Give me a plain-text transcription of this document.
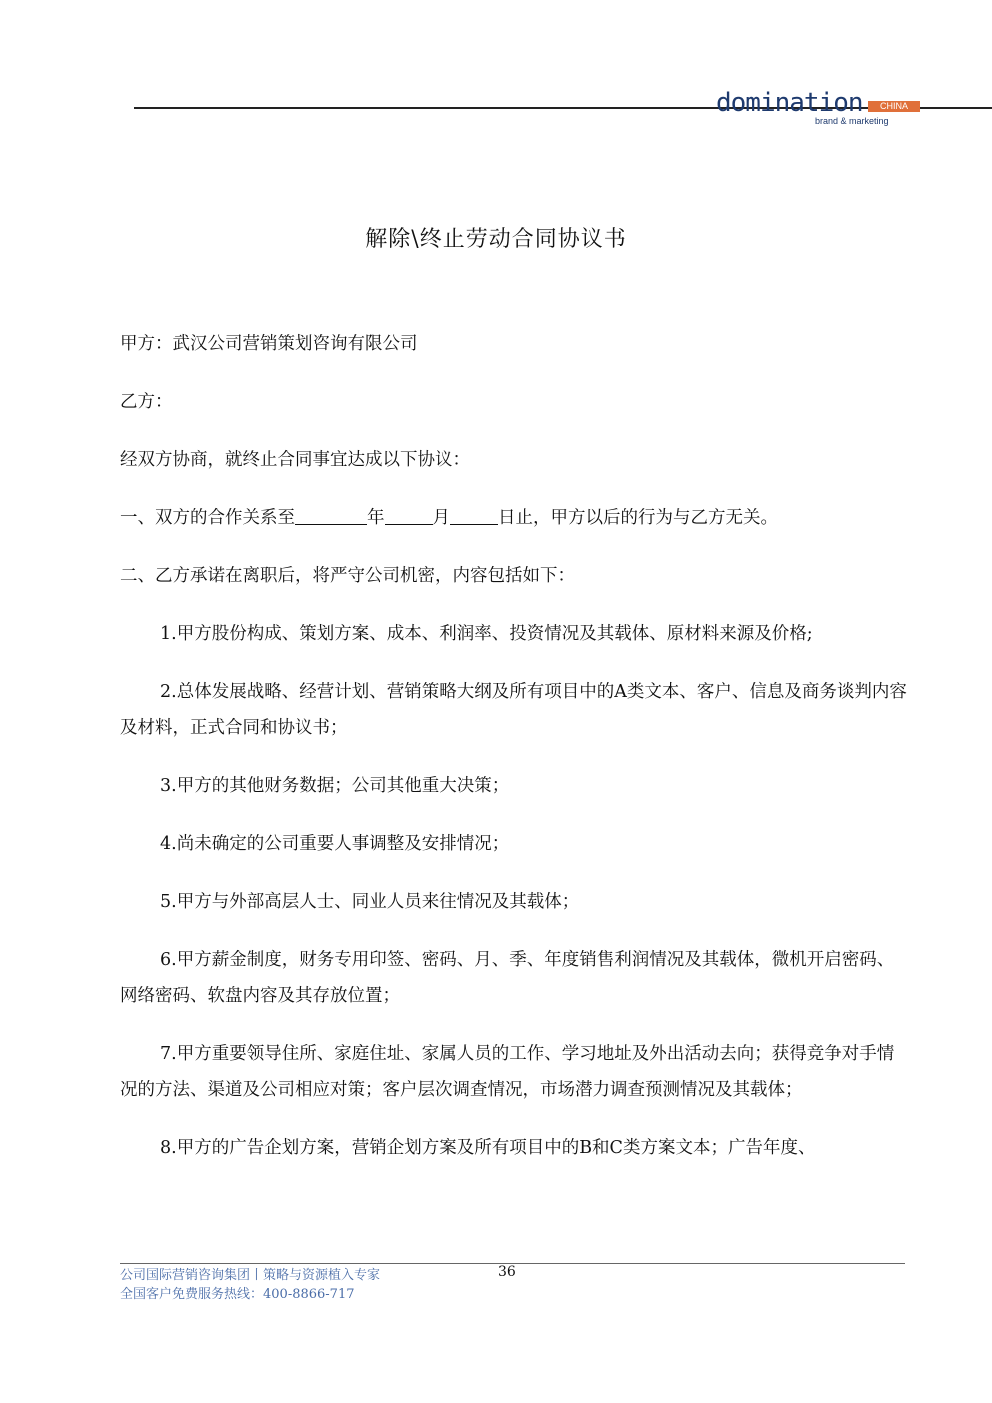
domination	CHINA
brand & marketing
解除\终止劳动合同协议书
甲方：武汉公司营销策划咨询有限公司
乙方：
经双方协商，就终止合同事宜达成以下协议：
一、双方的合作关系至	年	月	日止，甲方以后的行为与乙方无关。
二、乙方承诺在离职后，将严守公司机密，内容包括如下：
1.甲方股份构成、策划方案、成本、利润率、投资情况及其载体、原材料来源及价格;
2.总体发展战略、经营计划、营销策略大纲及所有项目中的A类文本、客户、信息及商务谈判内容及材料，正式合同和协议书；
3.甲方的其他财务数据；公司其他重大决策；
4.尚未确定的公司重要人事调整及安排情况；
5.甲方与外部高层人士、同业人员来往情况及其载体；
6.甲方薪金制度，财务专用印签、密码、月、季、年度销售利润情况及其载体，微机开启密码、网络密码、软盘内容及其存放位置；
7.甲方重要领导住所、家庭住址、家属人员的工作、学习地址及外出活动去向；获得竞争对手情况的方法、渠道及公司相应对策；客户层次调查情况，市场潜力调查预测情况及其载体；
8.甲方的广告企划方案，营销企划方案及所有项目中的B和C类方案文本；广告年度、
公司国际营销咨询集团丨策略与资源植入专家
全国客户免费服务热线：400-8866-717
36
